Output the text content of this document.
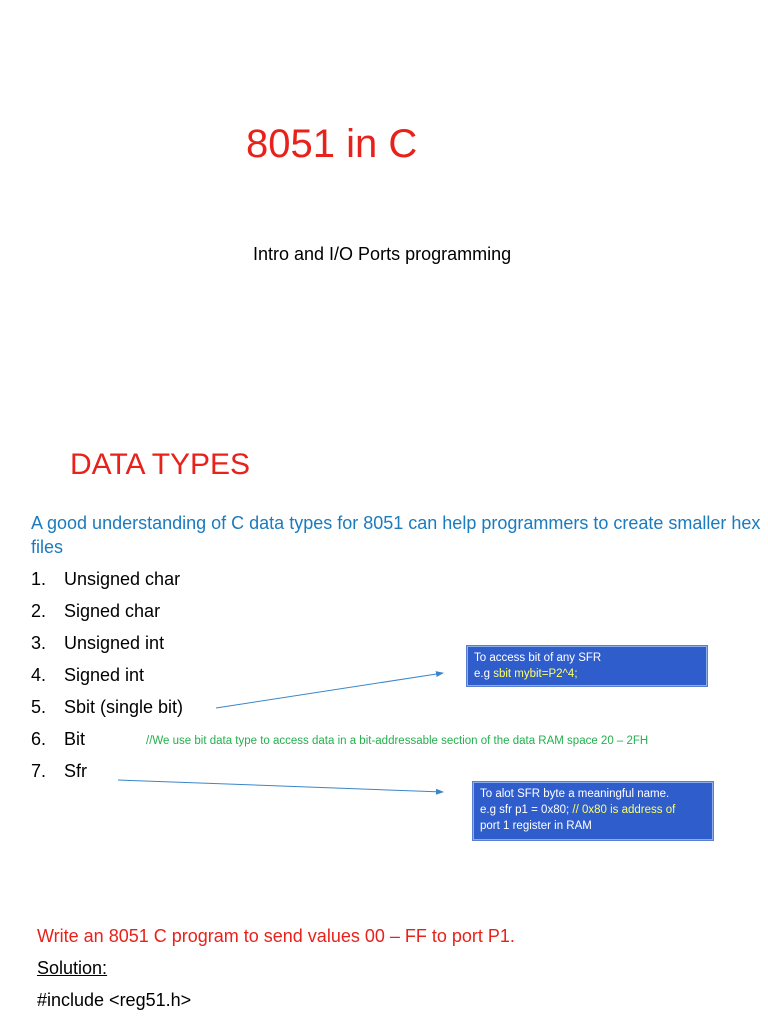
8051 in C
Intro and I/O Ports programming
DATA TYPES
A good understanding of C data types for 8051 can help programmers to create smaller hex files
1. Unsigned char
2. Signed char
3. Unsigned int
4. Signed int
5. Sbit (single bit)
6. Bit
7. Sfr
//We use bit data type to access data in a bit-addressable section of the data RAM space 20 – 2FH
To access bit of any SFR
e.g sbit mybit=P2^4;
To alot SFR byte a meaningful name.
e.g sfr p1 = 0x80; // 0x80 is address of
port 1 register in RAM
Write an 8051 C program to send values 00 – FF to port P1.
Solution:
#include <reg51.h>
